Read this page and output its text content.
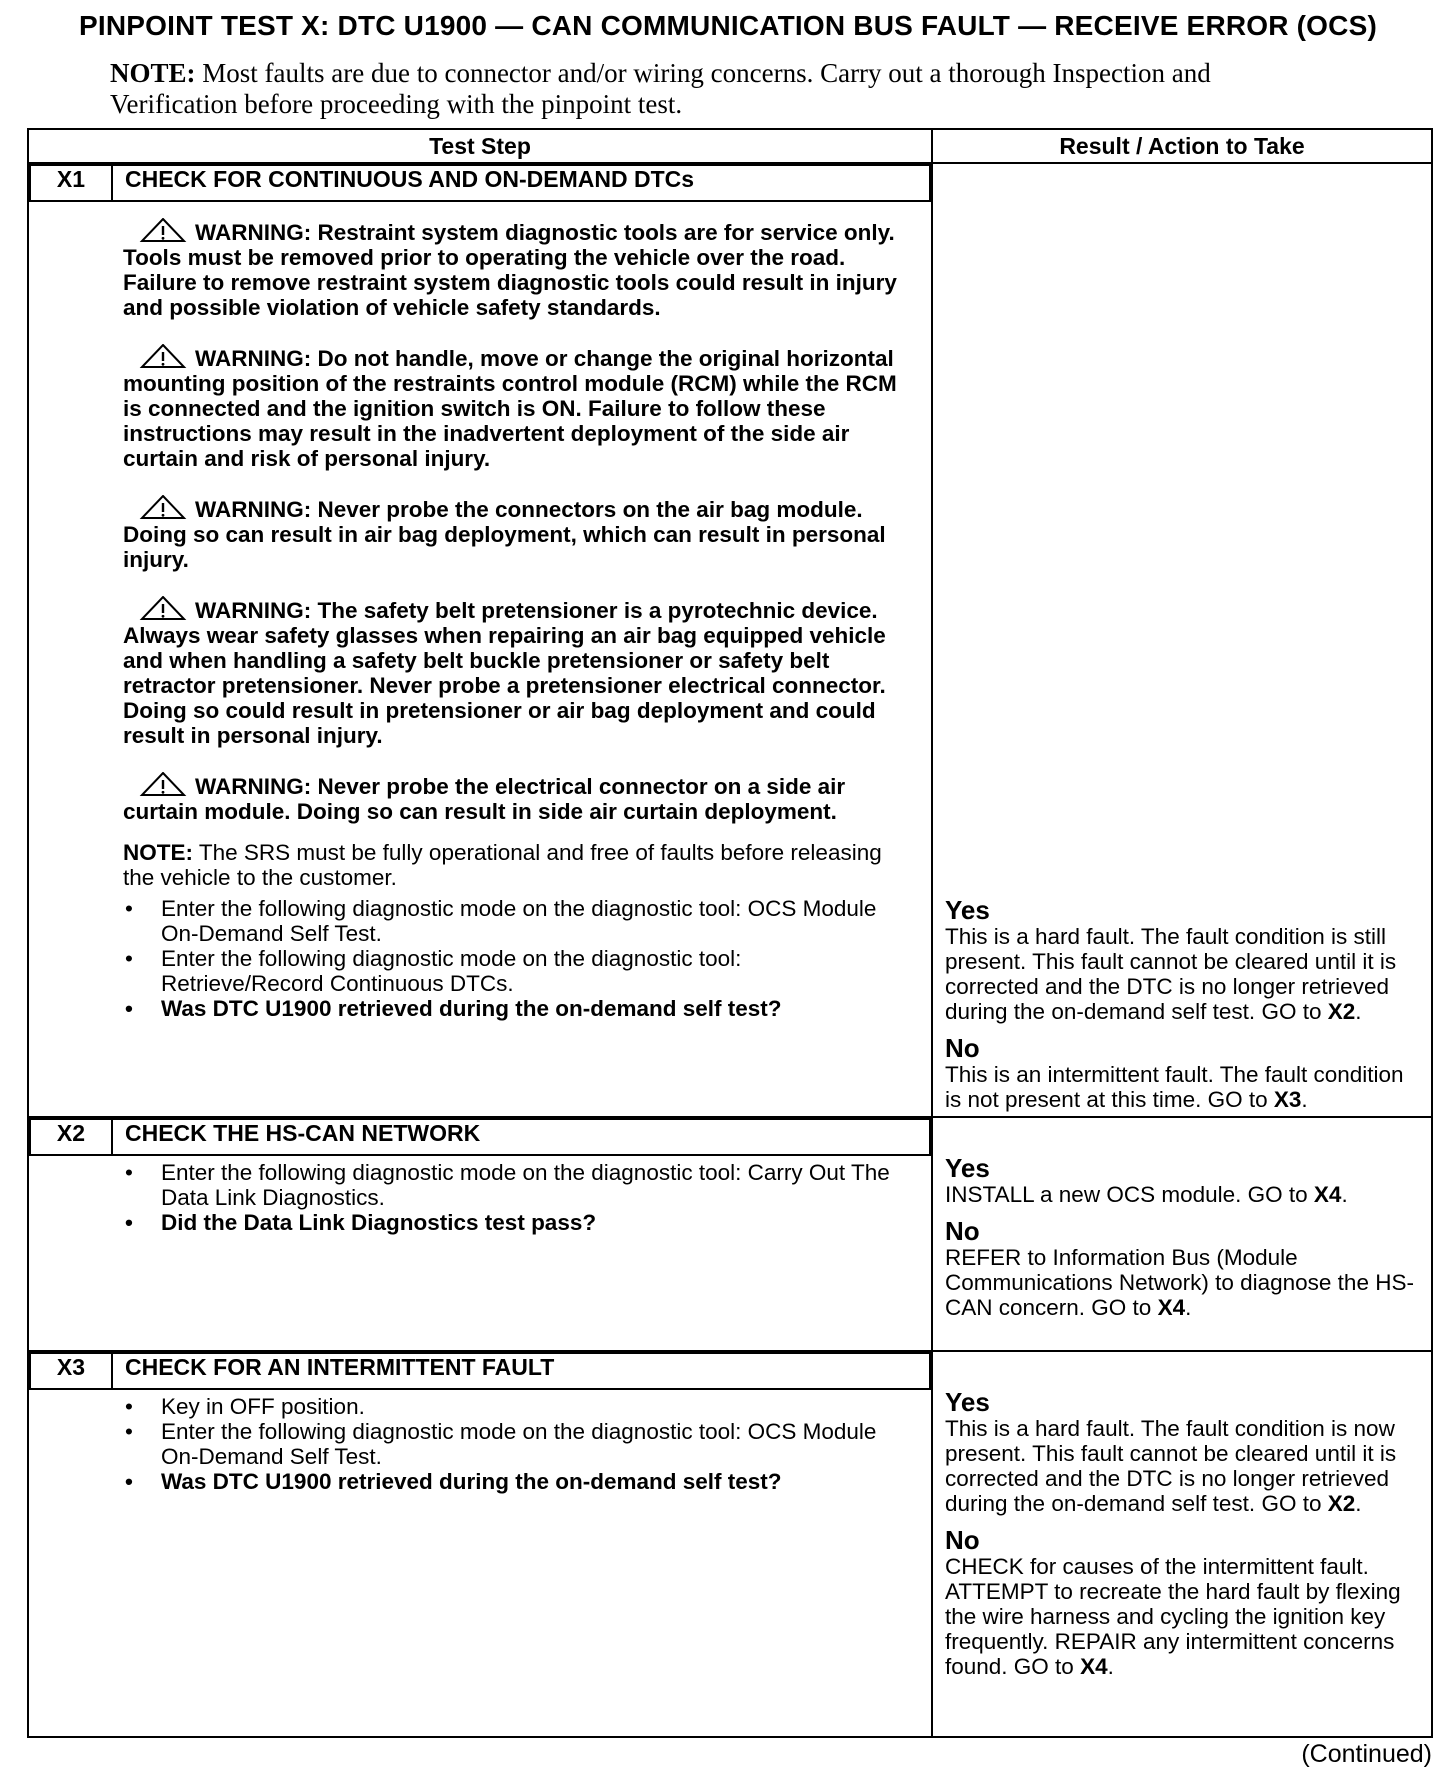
PINPOINT TEST X: DTC U1900 — CAN COMMUNICATION BUS FAULT — RECEIVE ERROR (OCS)
NOTE: Most faults are due to connector and/or wiring concerns. Carry out a thorough Inspection and Verification before proceeding with the pinpoint test.
Test Step	Result / Action to Take

X1	CHECK FOR CONTINUOUS AND ON-DEMAND DTCs
WARNING: Restraint system diagnostic tools are for service only. Tools must be removed prior to operating the vehicle over the road. Failure to remove restraint system diagnostic tools could result in injury and possible violation of vehicle safety standards.
WARNING: Do not handle, move or change the original horizontal mounting position of the restraints control module (RCM) while the RCM is connected and the ignition switch is ON. Failure to follow these instructions may result in the inadvertent deployment of the side air curtain and risk of personal injury.
WARNING: Never probe the connectors on the air bag module. Doing so can result in air bag deployment, which can result in personal injury.
WARNING: The safety belt pretensioner is a pyrotechnic device. Always wear safety glasses when repairing an air bag equipped vehicle and when handling a safety belt buckle pretensioner or safety belt retractor pretensioner. Never probe a pretensioner electrical connector. Doing so could result in pretensioner or air bag deployment and could result in personal injury.
WARNING: Never probe the electrical connector on a side air curtain module. Doing so can result in side air curtain deployment.
NOTE: The SRS must be fully operational and free of faults before releasing the vehicle to the customer.
• Enter the following diagnostic mode on the diagnostic tool: OCS Module On-Demand Self Test.
• Enter the following diagnostic mode on the diagnostic tool: Retrieve/Record Continuous DTCs.
• Was DTC U1900 retrieved during the on-demand self test?

Yes
This is a hard fault. The fault condition is still present. This fault cannot be cleared until it is corrected and the DTC is no longer retrieved during the on-demand self test. GO to X2.
No
This is an intermittent fault. The fault condition is not present at this time. GO to X3.

X2	CHECK THE HS-CAN NETWORK
• Enter the following diagnostic mode on the diagnostic tool: Carry Out The Data Link Diagnostics.
• Did the Data Link Diagnostics test pass?

Yes
INSTALL a new OCS module. GO to X4.
No
REFER to Information Bus (Module Communications Network) to diagnose the HS-CAN concern. GO to X4.

X3	CHECK FOR AN INTERMITTENT FAULT
• Key in OFF position.
• Enter the following diagnostic mode on the diagnostic tool: OCS Module On-Demand Self Test.
• Was DTC U1900 retrieved during the on-demand self test?

Yes
This is a hard fault. The fault condition is now present. This fault cannot be cleared until it is corrected and the DTC is no longer retrieved during the on-demand self test. GO to X2.
No
CHECK for causes of the intermittent fault. ATTEMPT to recreate the hard fault by flexing the wire harness and cycling the ignition key frequently. REPAIR any intermittent concerns found. GO to X4.
(Continued)
